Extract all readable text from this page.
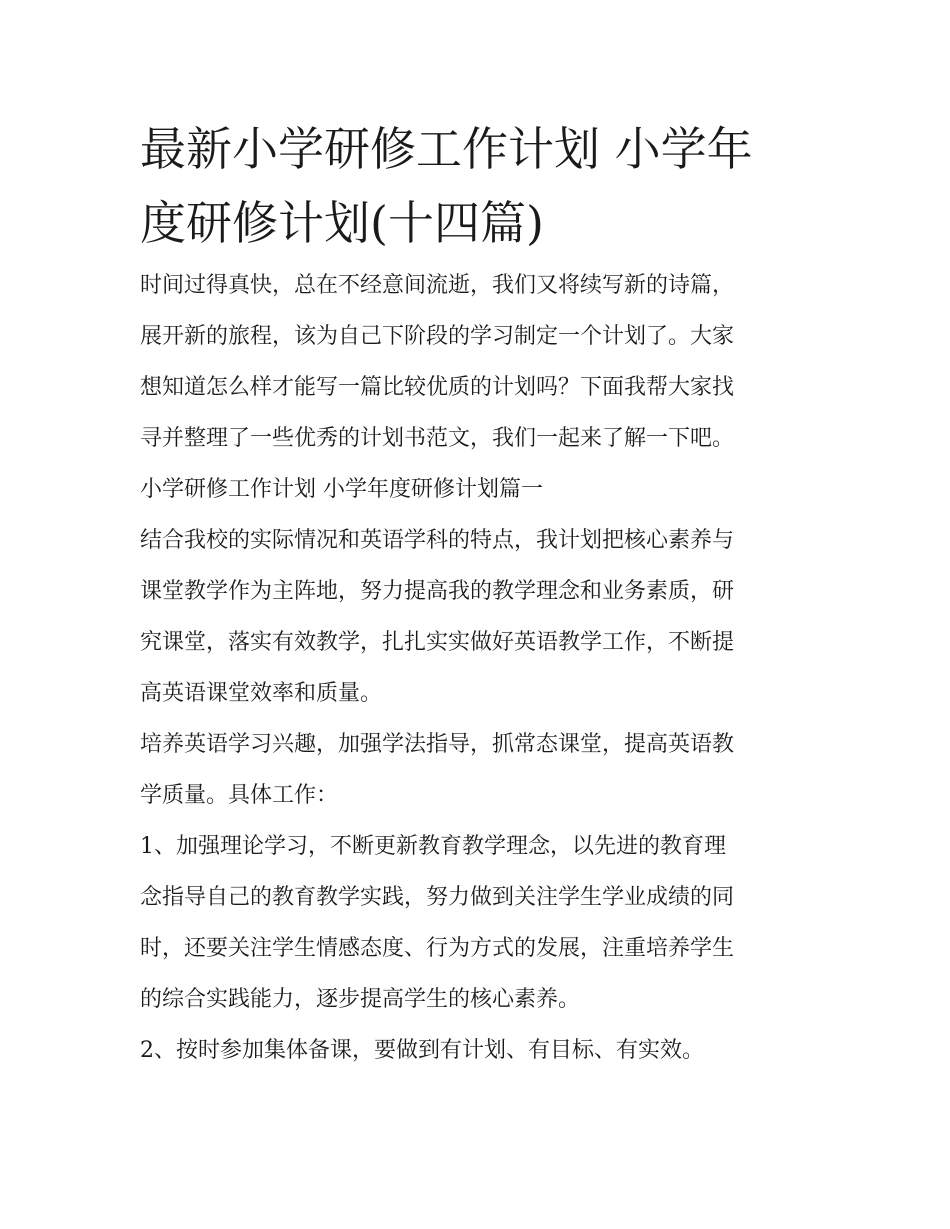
最新小学研修工作计划 小学年
度研修计划(十四篇)

时间过得真快，总在不经意间流逝，我们又将续写新的诗篇，

展开新的旅程，该为自己下阶段的学习制定一个计划了。大家

想知道怎么样才能写一篇比较优质的计划吗？下面我帮大家找

寻并整理了一些优秀的计划书范文，我们一起来了解一下吧。

小学研修工作计划 小学年度研修计划篇一

结合我校的实际情况和英语学科的特点，我计划把核心素养与

课堂教学作为主阵地，努力提高我的教学理念和业务素质，研

究课堂，落实有效教学，扎扎实实做好英语教学工作，不断提

高英语课堂效率和质量。

培养英语学习兴趣，加强学法指导，抓常态课堂，提高英语教

学质量。具体工作：

1、加强理论学习，不断更新教育教学理念，以先进的教育理

念指导自己的教育教学实践，努力做到关注学生学业成绩的同

时，还要关注学生情感态度、行为方式的发展，注重培养学生

的综合实践能力，逐步提高学生的核心素养。

2、按时参加集体备课，要做到有计划、有目标、有实效。
